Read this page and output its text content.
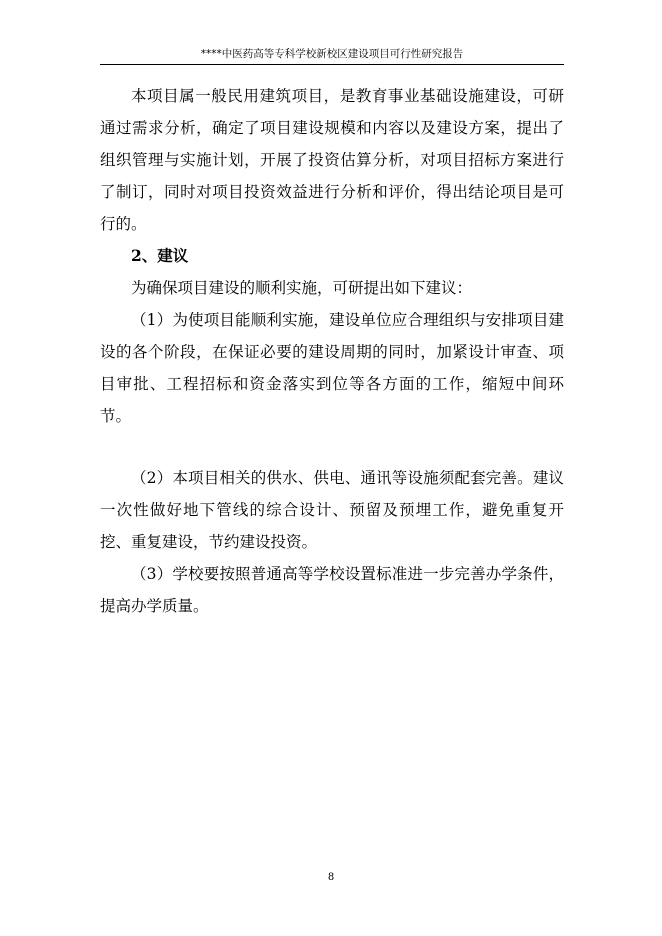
****中医药高等专科学校新校区建设项目可行性研究报告

本项目属一般民用建筑项目，是教育事业基础设施建设，可研通过需求分析，确定了项目建设规模和内容以及建设方案，提出了组织管理与实施计划，开展了投资估算分析，对项目招标方案进行了制订，同时对项目投资效益进行分析和评价，得出结论项目是可行的。

2、建议

为确保项目建设的顺利实施，可研提出如下建议：

（1）为使项目能顺利实施，建设单位应合理组织与安排项目建设的各个阶段，在保证必要的建设周期的同时，加紧设计审查、项目审批、工程招标和资金落实到位等各方面的工作，缩短中间环节。

（2）本项目相关的供水、供电、通讯等设施须配套完善。建议一次性做好地下管线的综合设计、预留及预埋工作，避免重复开挖、重复建设，节约建设投资。

（3）学校要按照普通高等学校设置标准进一步完善办学条件，提高办学质量。

8
